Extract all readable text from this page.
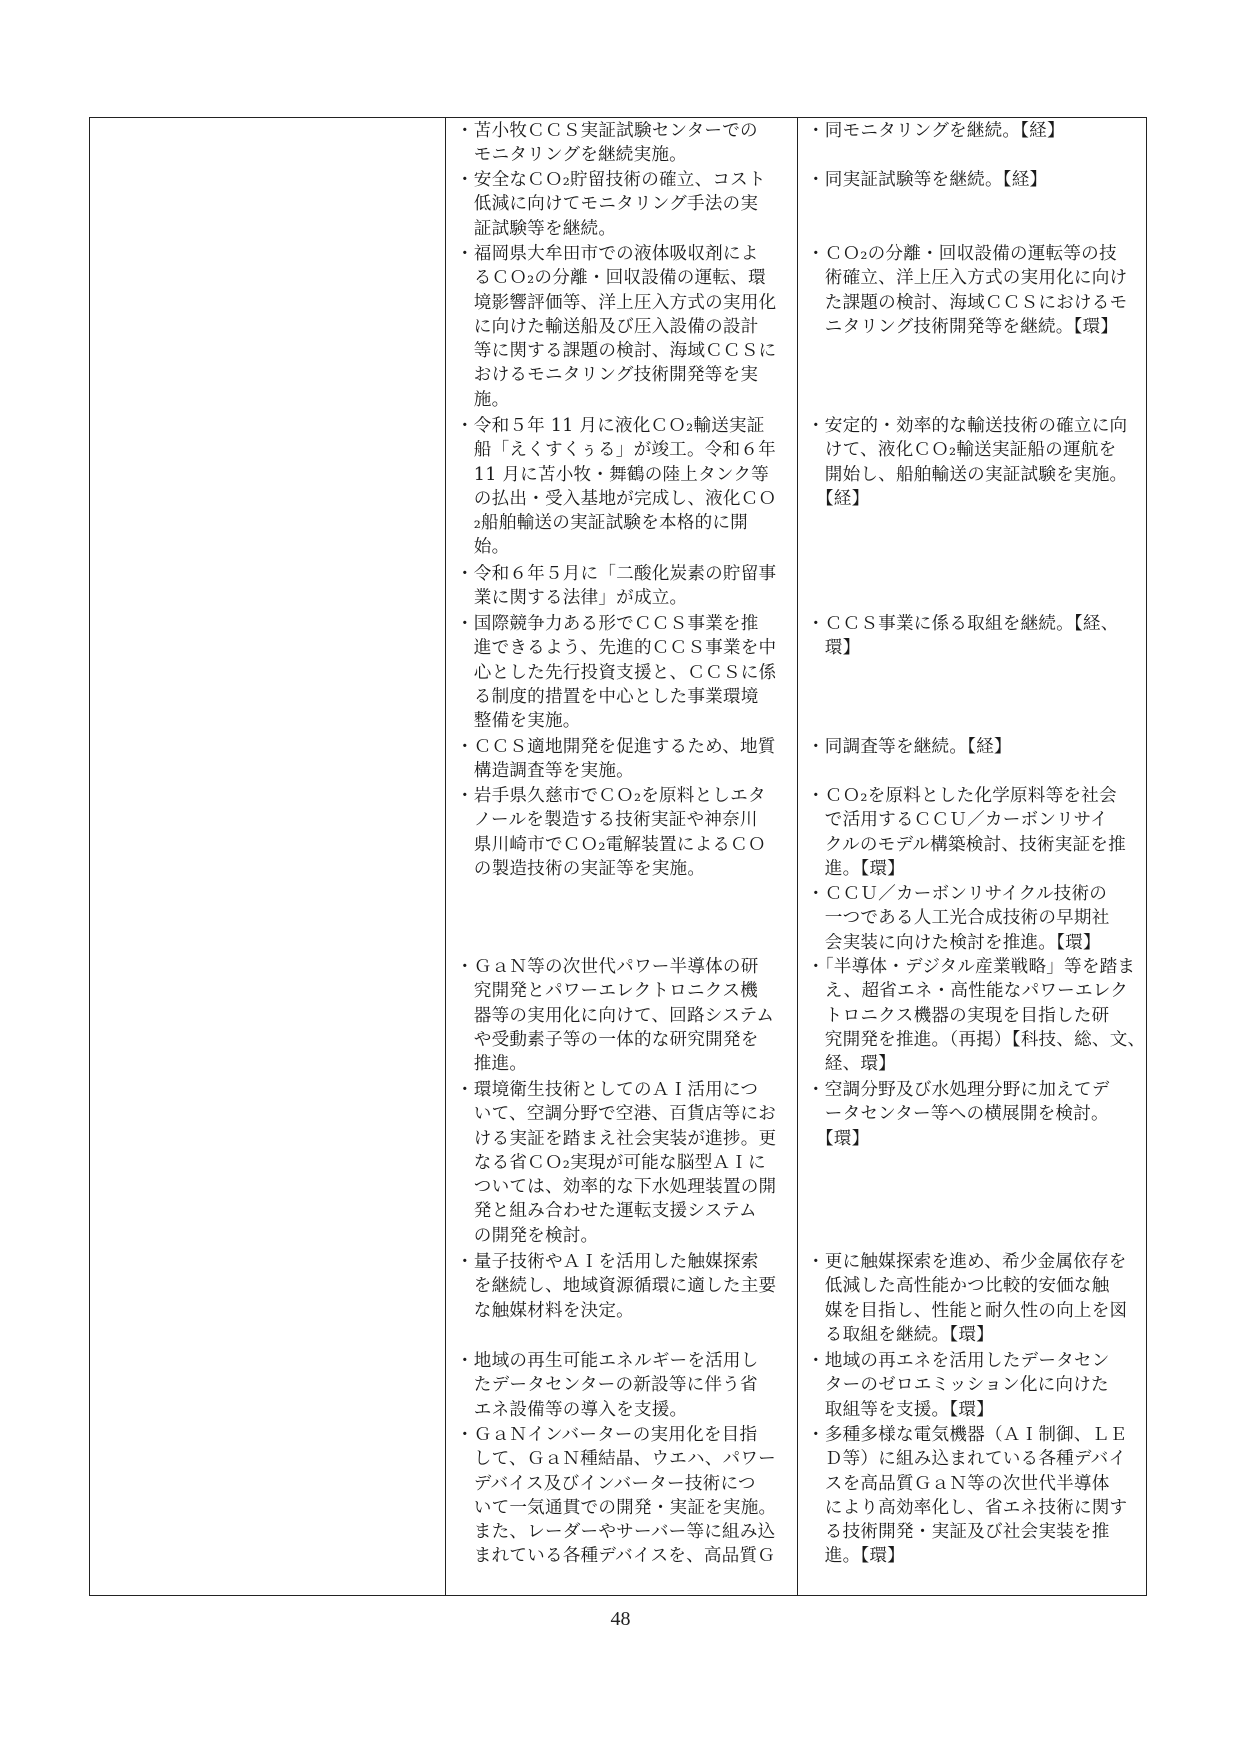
・苫小牧ＣＣＳ実証試験センターでの
　モニタリングを継続実施。
・安全なＣＯ₂貯留技術の確立、コスト
　低減に向けてモニタリング手法の実
　証試験等を継続。
・福岡県大牟田市での液体吸収剤によ
　るＣＯ₂の分離・回収設備の運転、環
　境影響評価等、洋上圧入方式の実用化
　に向けた輸送船及び圧入設備の設計
　等に関する課題の検討、海域ＣＣＳに
　おけるモニタリング技術開発等を実
　施。
・令和５年 11 月に液化ＣＯ₂輸送実証
　船「えくすくぅる」が竣工。令和６年
　11 月に苫小牧・舞鶴の陸上タンク等
　の払出・受入基地が完成し、液化ＣＯ
　₂船舶輸送の実証試験を本格的に開
　始。
・令和６年５月に「二酸化炭素の貯留事
　業に関する法律」が成立。
・国際競争力ある形でＣＣＳ事業を推
　進できるよう、先進的ＣＣＳ事業を中
　心とした先行投資支援と、ＣＣＳに係
　る制度的措置を中心とした事業環境
　整備を実施。
・ＣＣＳ適地開発を促進するため、地質
　構造調査等を実施。
・岩手県久慈市でＣＯ₂を原料としエタ
　ノールを製造する技術実証や神奈川
　県川崎市でＣＯ₂電解装置によるＣＯ
　の製造技術の実証等を実施。
・ＧａＮ等の次世代パワー半導体の研
　究開発とパワーエレクトロニクス機
　器等の実用化に向けて、回路システム
　や受動素子等の一体的な研究開発を
　推進。
・環境衛生技術としてのＡＩ活用につ
　いて、空調分野で空港、百貨店等にお
　ける実証を踏まえ社会実装が進捗。更
　なる省ＣＯ₂実現が可能な脳型ＡＩに
　ついては、効率的な下水処理装置の開
　発と組み合わせた運転支援システム
　の開発を検討。
・量子技術やＡＩを活用した触媒探索
　を継続し、地域資源循環に適した主要
　な触媒材料を決定。
・地域の再生可能エネルギーを活用し
　たデータセンターの新設等に伴う省
　エネ設備等の導入を支援。
・ＧａＮインバーターの実用化を目指
　して、ＧａＮ種結晶、ウエハ、パワー
　デバイス及びインバーター技術につ
　いて一気通貫での開発・実証を実施。
　また、レーダーやサーバー等に組み込
　まれている各種デバイスを、高品質Ｇ
・同モニタリングを継続。【経】
・同実証試験等を継続。【経】
・ＣＯ₂の分離・回収設備の運転等の技
　術確立、洋上圧入方式の実用化に向け
　た課題の検討、海域ＣＣＳにおけるモ
　ニタリング技術開発等を継続。【環】
・安定的・効率的な輸送技術の確立に向
　けて、液化ＣＯ₂輸送実証船の運航を
　開始し、船舶輸送の実証試験を実施。
　【経】
・ＣＣＳ事業に係る取組を継続。【経、
　環】
・同調査等を継続。【経】
・ＣＯ₂を原料とした化学原料等を社会
　で活用するＣＣＵ／カーボンリサイ
　クルのモデル構築検討、技術実証を推
　進。【環】
・ＣＣＵ／カーボンリサイクル技術の
　一つである人工光合成技術の早期社
　会実装に向けた検討を推進。【環】
・「半導体・デジタル産業戦略」等を踏ま
　え、超省エネ・高性能なパワーエレク
　トロニクス機器の実現を目指した研
　究開発を推進。（再掲）【科技、総、文、
　経、環】
・空調分野及び水処理分野に加えてデ
　ータセンター等への横展開を検討。
　【環】
・更に触媒探索を進め、希少金属依存を
　低減した高性能かつ比較的安価な触
　媒を目指し、性能と耐久性の向上を図
　る取組を継続。【環】
・地域の再エネを活用したデータセン
　ターのゼロエミッション化に向けた
　取組等を支援。【環】
・多種多様な電気機器（ＡＩ制御、ＬＥ
　Ｄ等）に組み込まれている各種デバイ
　スを高品質ＧａＮ等の次世代半導体
　により高効率化し、省エネ技術に関す
　る技術開発・実証及び社会実装を推
　進。【環】
48
